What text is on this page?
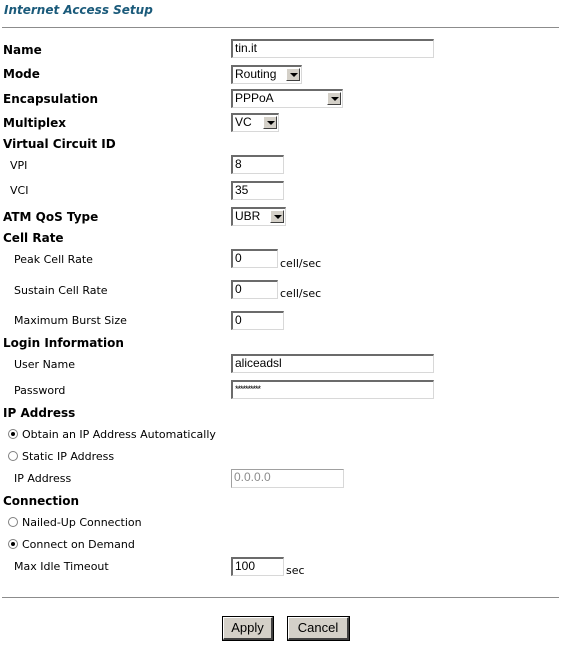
Internet Access Setup
Name	tin.it
Mode	Routing
Encapsulation	PPPoA
Multiplex	VC
Virtual Circuit ID
VPI	8
VCI	35
ATM QoS Type	UBR
Cell Rate
Peak Cell Rate	0	cell/sec
Sustain Cell Rate	0	cell/sec
Maximum Burst Size	0
Login Information
User Name	aliceadsl
Password	**********
IP Address
Obtain an IP Address Automatically
Static IP Address
IP Address	0.0.0.0
Connection
Nailed-Up Connection
Connect on Demand
Max Idle Timeout	100	sec
Apply	Cancel
